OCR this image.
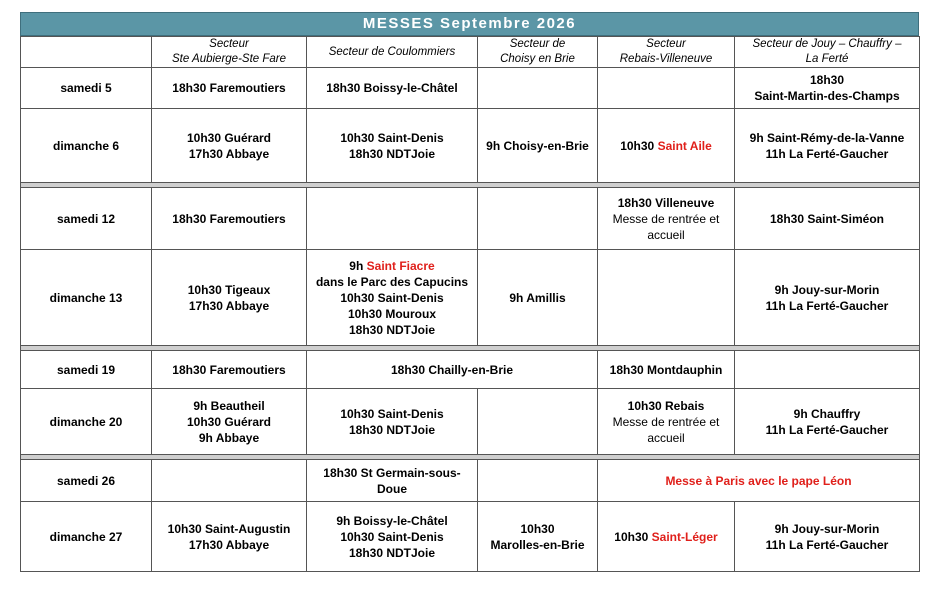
MESSES Septembre 2026

	Secteur
Ste Aubierge-Ste Fare	Secteur de Coulommiers	Secteur de
Choisy en Brie	Secteur
Rebais-Villeneuve	Secteur de Jouy – Chauffry –
La Ferté

samedi 5	18h30 Faremoutiers	18h30 Boissy-le-Châtel			18h30
Saint-Martin-des-Champs

dimanche 6	10h30 Guérard
17h30 Abbaye	10h30 Saint-Denis
18h30 NDTJoie	9h Choisy-en-Brie	10h30 Saint Aile	9h Saint-Rémy-de-la-Vanne
11h La Ferté-Gaucher

samedi 12	18h30 Faremoutiers			18h30 Villeneuve
Messe de rentrée et
accueil	18h30 Saint-Siméon
dimanche 13	10h30 Tigeaux
17h30 Abbaye	9h Saint Fiacre
dans le Parc des Capucins
10h30 Saint-Denis
10h30 Mouroux
18h30 NDTJoie	9h Amillis		9h Jouy-sur-Morin
11h La Ferté-Gaucher

samedi 19	18h30 Faremoutiers	18h30 Chailly-en-Brie		18h30 Montdauphin	
dimanche 20	9h Beautheil
10h30 Guérard
9h Abbaye	10h30 Saint-Denis
18h30 NDTJoie		10h30 Rebais
Messe de rentrée et
accueil	9h Chauffry
11h La Ferté-Gaucher

samedi 26		18h30 St Germain-sous-Doue		Messe à Paris avec le pape Léon	
dimanche 27	10h30 Saint-Augustin
17h30 Abbaye	9h Boissy-le-Châtel
10h30 Saint-Denis
18h30 NDTJoie	10h30
Marolles-en-Brie	10h30 Saint-Léger	9h Jouy-sur-Morin
11h La Ferté-Gaucher
